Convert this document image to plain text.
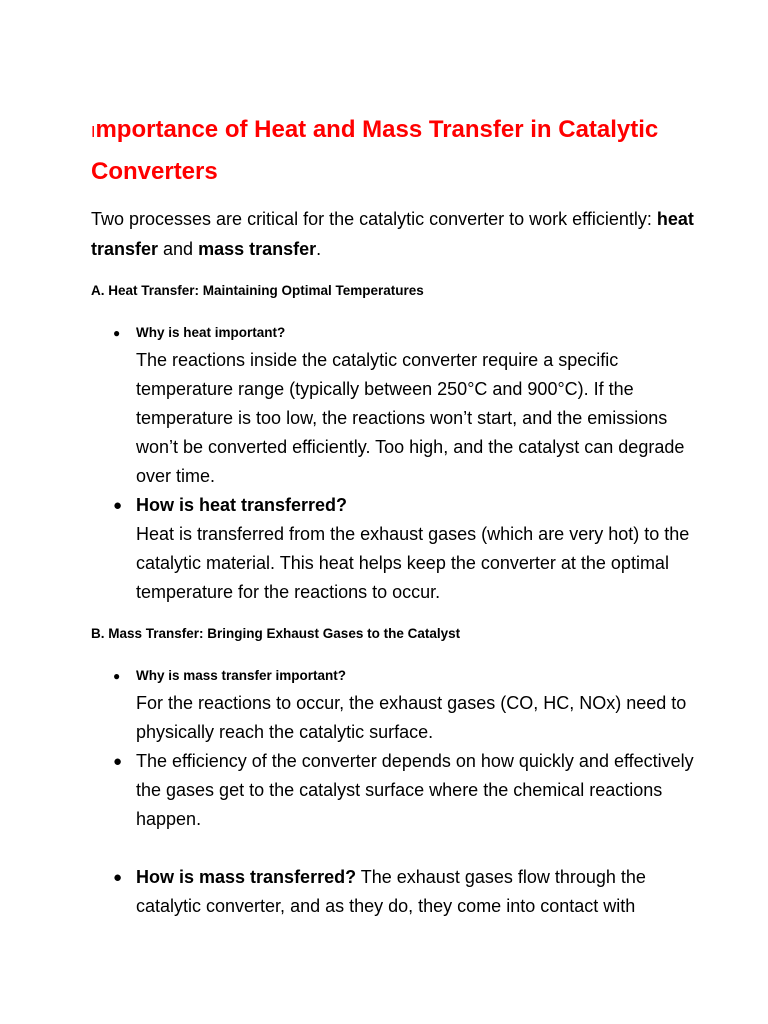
Importance of Heat and Mass Transfer in Catalytic Converters

Two processes are critical for the catalytic converter to work efficiently: heat transfer and mass transfer.

A. Heat Transfer: Maintaining Optimal Temperatures
●	Why is heat important?

The reactions inside the catalytic converter require a specific temperature range (typically between 250°C and 900°C). If the temperature is too low, the reactions won’t start, and the emissions won’t be converted efficiently. Too high, and the catalyst can degrade over time.

● How is heat transferred?

Heat is transferred from the exhaust gases (which are very hot) to the catalytic material. This heat helps keep the converter at the optimal temperature for the reactions to occur.

B. Mass Transfer: Bringing Exhaust Gases to the Catalyst
●	Why is mass transfer important?

For the reactions to occur, the exhaust gases (CO, HC, NOx) need to physically reach the catalytic surface.

● The efficiency of the converter depends on how quickly and effectively the gases get to the catalyst surface where the chemical reactions happen.

● How is mass transferred? The exhaust gases flow through the catalytic converter, and as they do, they come into contact with
